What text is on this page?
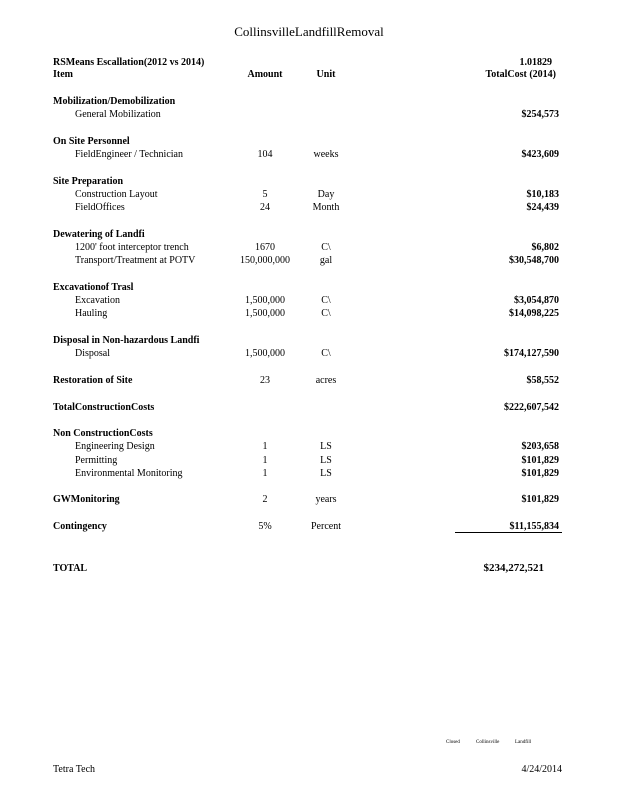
CollinsvilleLandfillRemoval
RSMeans Escallation(2012 vs 2014)	1.01829
Item	Amount	Unit	TotalCost (2014)
Mobilization/Demobilization
General Mobilization	$254,573
On Site Personnel
FieldEngineer / Technician	104	weeks	$423,609
Site Preparation
Construction Layout	5	Day	$10,183
FieldOffices	24	Month	$24,439
Dewatering of Landfi
1200' foot interceptor trench	1670	C\	$6,802
Transport/Treatment at POTV	150,000,000	gal	$30,548,700
Excavationof Trasl
Excavation	1,500,000	C\	$3,054,870
Hauling	1,500,000	C\	$14,098,225
Disposal in Non-hazardous Landfi
Disposal	1,500,000	C\	$174,127,590
Restoration of Site	23	acres	$58,552
TotalConstructionCosts	$222,607,542
Non ConstructionCosts
Engineering Design	1	LS	$203,658
Permitting	1	LS	$101,829
Environmental Monitoring	1	LS	$101,829
GWMonitoring	2	years	$101,829
Contingency	5%	Percent	$11,155,834
TOTAL	$234,272,521
Closed	Collinsville	Landfill
Tetra Tech	4/24/2014
